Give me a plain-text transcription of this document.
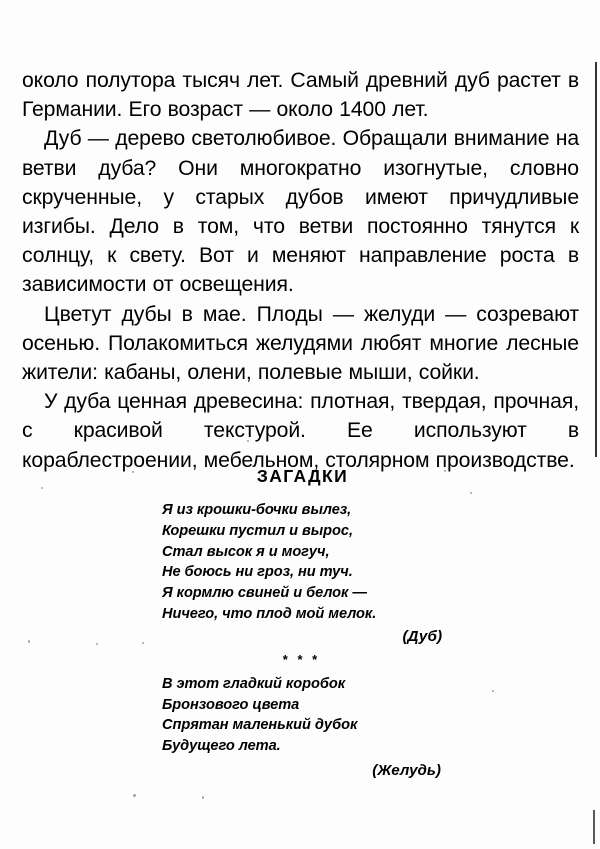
около полутора тысяч лет. Самый древний дуб растет в Германии. Его возраст — около 1400 лет.

Дуб — дерево светолюбивое. Обращали внимание на ветви дуба? Они многократно изогнутые, словно скрученные, у старых дубов имеют причудливые изгибы. Дело в том, что ветви постоянно тянутся к солнцу, к свету. Вот и меняют направление роста в зависимости от освещения.

Цветут дубы в мае. Плоды — желуди — созревают осенью. Полакомиться желудями любят многие лесные жители: кабаны, олени, полевые мыши, сойки.

У дуба ценная древесина: плотная, твердая, прочная, с красивой текстурой. Ее используют в кораблестроении, мебельном, столярном производстве.

ЗАГАДКИ
Я из крошки-бочки вылез,
Корешки пустил и вырос,
Стал высок я и могуч,
Не боюсь ни гроз, ни туч.
Я кормлю свиней и белок —
Ничего, что плод мой мелок.
(Дуб)
* * *
В этот гладкий коробок
Бронзового цвета
Спрятан маленький дубок
Будущего лета.
(Желудь)
